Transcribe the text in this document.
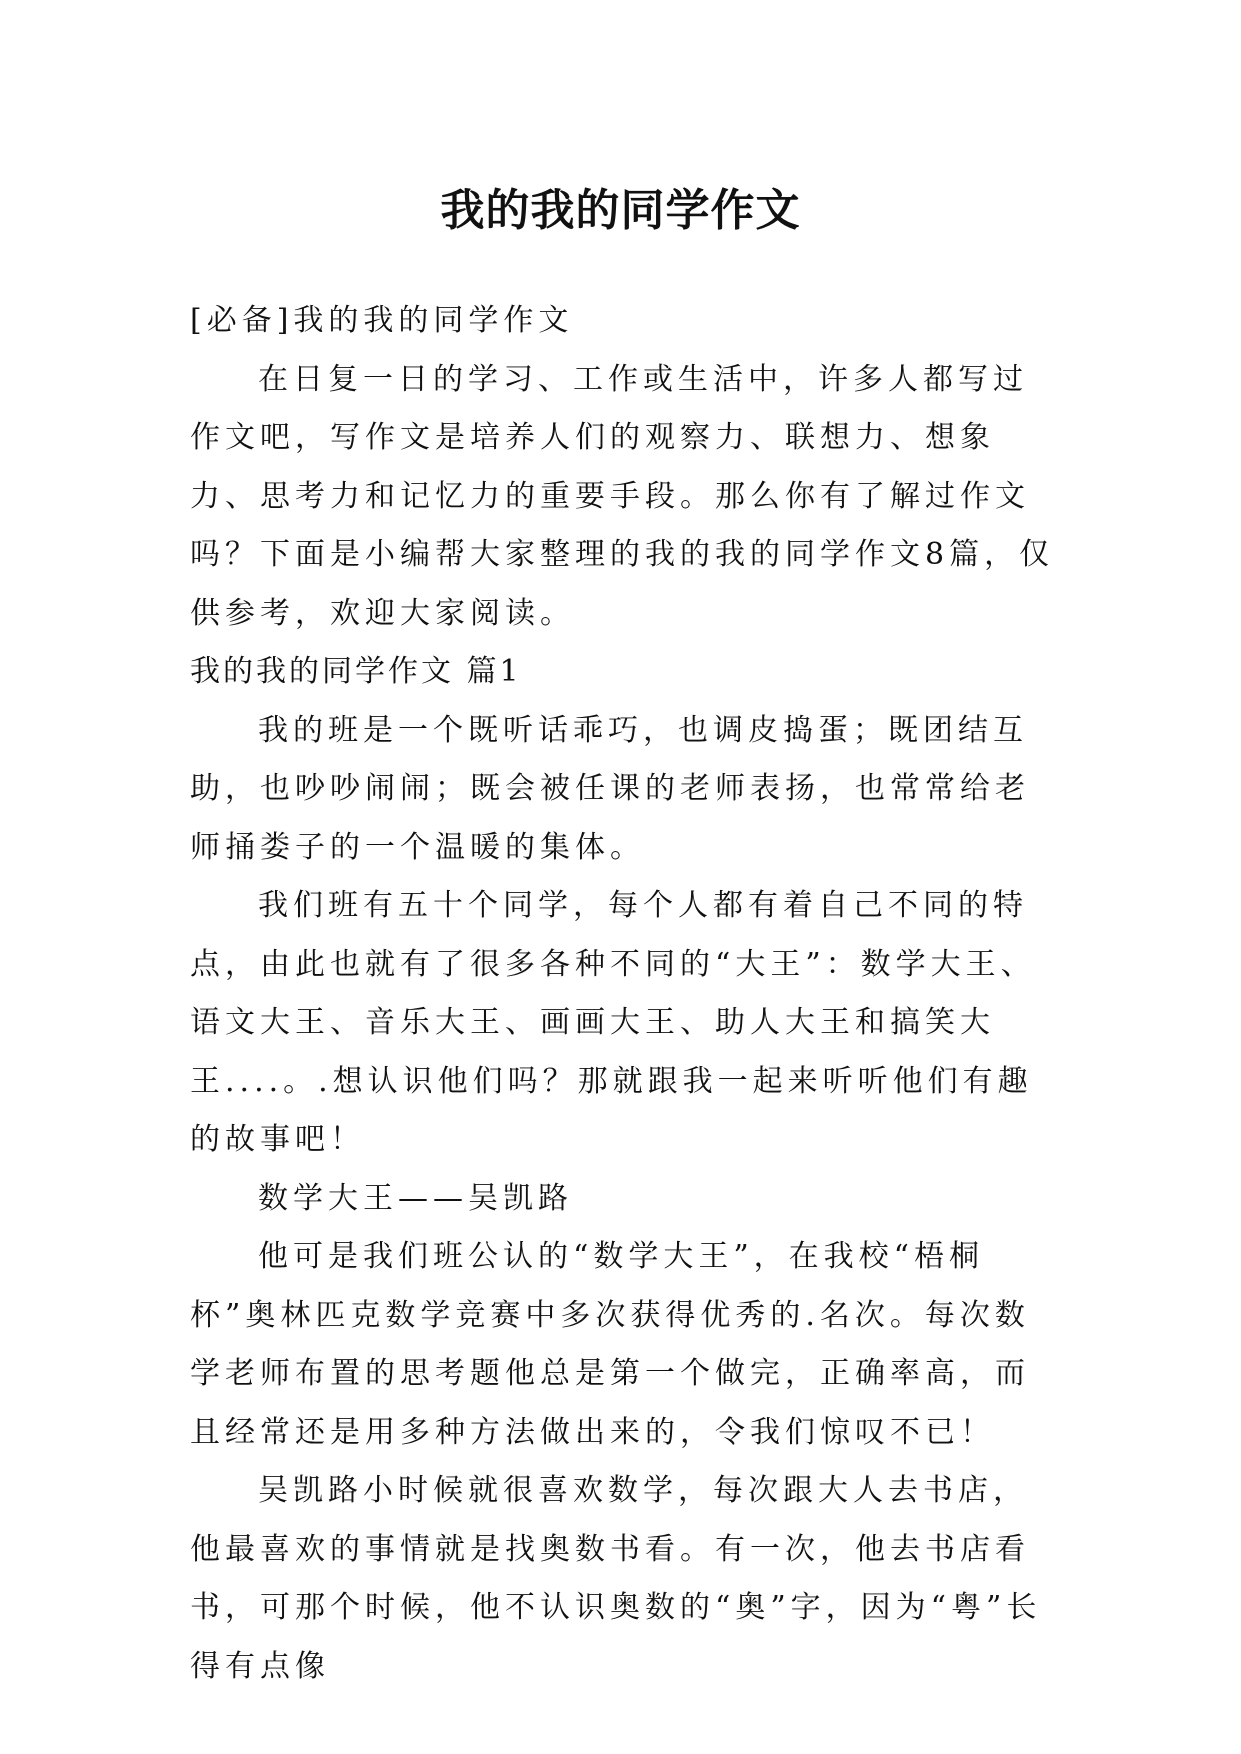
我的我的同学作文

[必备]我的我的同学作文

在日复一日的学习、工作或生活中，许多人都写过作文吧，写作文是培养人们的观察力、联想力、想象力、思考力和记忆力的重要手段。那么你有了解过作文吗？下面是小编帮大家整理的我的我的同学作文8篇，仅供参考，欢迎大家阅读。

我的我的同学作文 篇1

我的班是一个既听话乖巧，也调皮捣蛋；既团结互助，也吵吵闹闹；既会被任课的老师表扬，也常常给老师捅娄子的一个温暖的集体。

我们班有五十个同学，每个人都有着自己不同的特点，由此也就有了很多各种不同的“大王”：数学大王、语文大王、音乐大王、画画大王、助人大王和搞笑大王....。.想认识他们吗？那就跟我一起来听听他们有趣的故事吧！

数学大王——吴凯路

他可是我们班公认的“数学大王”，在我校“梧桐杯”奥林匹克数学竞赛中多次获得优秀的.名次。每次数学老师布置的思考题他总是第一个做完，正确率高，而且经常还是用多种方法做出来的，令我们惊叹不已！

吴凯路小时候就很喜欢数学，每次跟大人去书店，他最喜欢的事情就是找奥数书看。有一次，他去书店看书，可那个时候，他不认识奥数的“奥”字，因为“粤”长得有点像
